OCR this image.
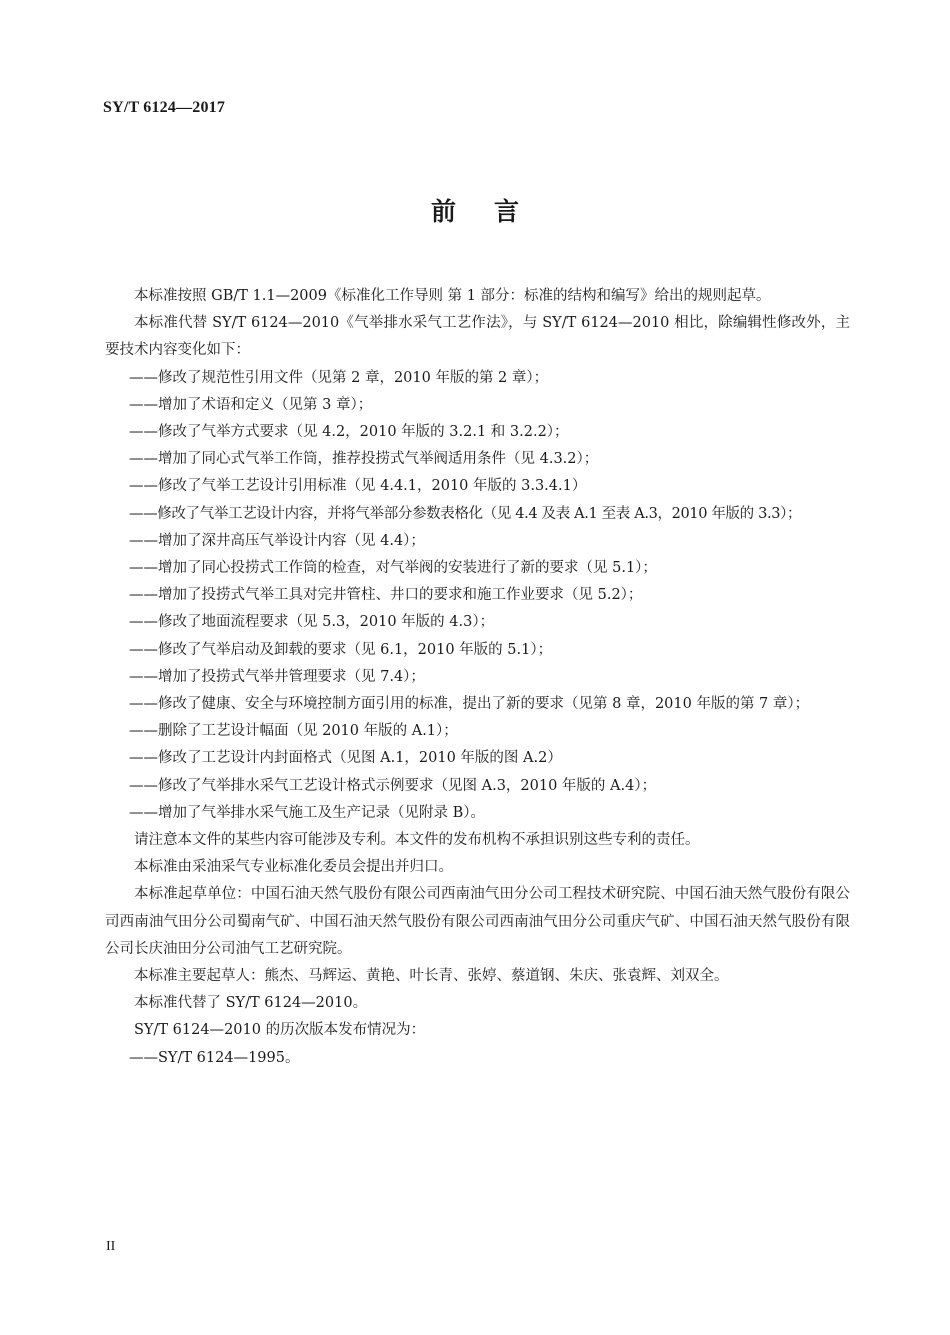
SY/T 6124—2017
前言

本标准按照 GB/T 1.1—2009《标准化工作导则 第 1 部分：标准的结构和编写》给出的规则起草。

本标准代替 SY/T 6124—2010《气举排水采气工艺作法》，与 SY/T 6124—2010 相比，除编辑性修改外，主要技术内容变化如下：

——修改了规范性引用文件（见第 2 章，2010 年版的第 2 章）；

——增加了术语和定义（见第 3 章）；

——修改了气举方式要求（见 4.2，2010 年版的 3.2.1 和 3.2.2）；

——增加了同心式气举工作筒，推荐投捞式气举阀适用条件（见 4.3.2）；

——修改了气举工艺设计引用标准（见 4.4.1，2010 年版的 3.3.4.1）

——修改了气举工艺设计内容，并将气举部分参数表格化（见 4.4 及表 A.1 至表 A.3，2010 年版的 3.3）；

——增加了深井高压气举设计内容（见 4.4）；

——增加了同心投捞式工作筒的检查，对气举阀的安装进行了新的要求（见 5.1）；

——增加了投捞式气举工具对完井管柱、井口的要求和施工作业要求（见 5.2）；

——修改了地面流程要求（见 5.3，2010 年版的 4.3）；

——修改了气举启动及卸载的要求（见 6.1，2010 年版的 5.1）；

——增加了投捞式气举井管理要求（见 7.4）；

——修改了健康、安全与环境控制方面引用的标准，提出了新的要求（见第 8 章，2010 年版的第 7 章）；

——删除了工艺设计幅面（见 2010 年版的 A.1）；

——修改了工艺设计内封面格式（见图 A.1，2010 年版的图 A.2）

——修改了气举排水采气工艺设计格式示例要求（见图 A.3，2010 年版的 A.4）；

——增加了气举排水采气施工及生产记录（见附录 B）。

请注意本文件的某些内容可能涉及专利。本文件的发布机构不承担识别这些专利的责任。

本标准由采油采气专业标准化委员会提出并归口。

本标准起草单位：中国石油天然气股份有限公司西南油气田分公司工程技术研究院、中国石油天然气股份有限公司西南油气田分公司蜀南气矿、中国石油天然气股份有限公司西南油气田分公司重庆气矿、中国石油天然气股份有限公司长庆油田分公司油气工艺研究院。

本标准主要起草人：熊杰、马辉运、黄艳、叶长青、张婷、蔡道钢、朱庆、张袁辉、刘双全。

本标准代替了 SY/T 6124—2010。

SY/T 6124—2010 的历次版本发布情况为：

——SY/T 6124—1995。

II
